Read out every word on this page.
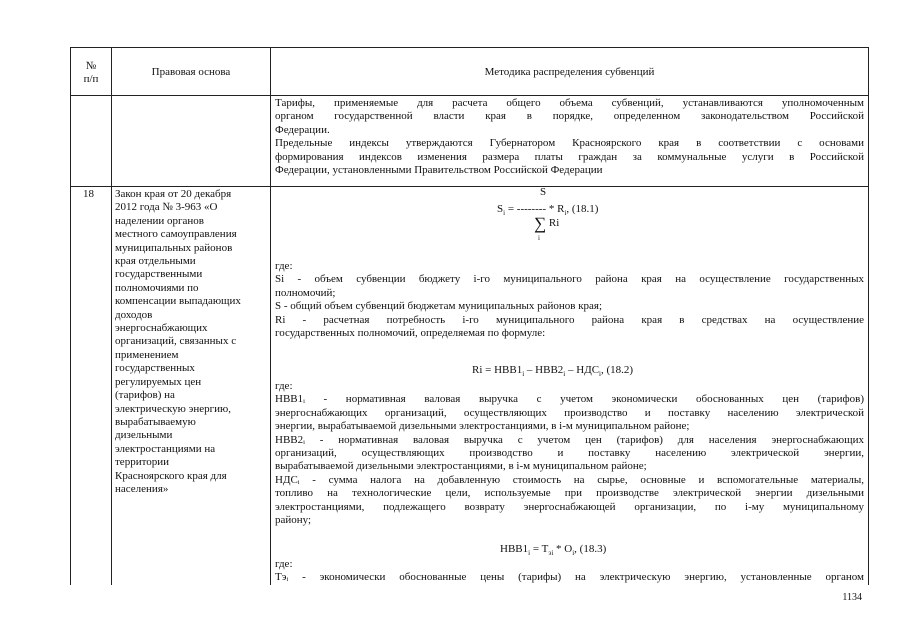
№
п/п
Правовая основа	Методика распределения субвенций
Тарифы, применяемые для расчета общего объема субвенций, устанавливаются уполномоченным
органом государственной власти края в порядке, определенном законодательством Российской
Федерации.
Предельные индексы утверждаются Губернатором Красноярского края в соответствии с основами
формирования индексов изменения размера платы граждан за коммунальные услуги в Российской
Федерации, установленными Правительством Российской Федерации
18 Закон края от 20 декабря
2012 года № 3-963 «О
наделении органов
местного самоуправления
муниципальных районов
края отдельными
государственными
полномочиями по
компенсации выпадающих
доходов
энергоснабжающих
организаций, связанных с
применением
государственных
регулируемых цен
(тарифов) на
электрическую энергию,
вырабатываемую
дизельными
электростанциями на
территории
Красноярского края для
населения»
S
$S_i$ = -------- * $R_i$, (18.1)
∑ Ri
i
где:
Si - объем субвенции бюджету i-го муниципального района края на осуществление государственных
полномочий;
S - общий объем субвенций бюджетам муниципальных районов края;
Ri - расчетная потребность i-го муниципального района края в средствах на осуществление
государственных полномочий, определяемая по формуле:
$Ri = HBB1_i - HBB2_i - НДС_i$, (18.2)
где:
НВВ1ᵢ - нормативная валовая выручка с учетом экономически обоснованных цен (тарифов)
энергоснабжающих организаций, осуществляющих производство и поставку населению электрической
энергии, вырабатываемой дизельными электростанциями, в i-м муниципальном районе;
НВВ2ᵢ - нормативная валовая выручка с учетом цен (тарифов) для населения энергоснабжающих
организаций, осуществляющих производство и поставку населению электрической энергии,
вырабатываемой дизельными электростанциями, в i-м муниципальном районе;
НДСᵢ - сумма налога на добавленную стоимость на сырье, основные и вспомогательные материалы,
топливо на технологические цели, используемые при производстве электрической энергии дизельными
электростанциями, подлежащего возврату энергоснабжающей организации, по i-му муниципальному
району;
$HBB1_i = T_{эi} * O_i$, (18.3)
где:
Тэᵢ - экономически обоснованные цены (тарифы) на электрическую энергию, установленные органом
1134
